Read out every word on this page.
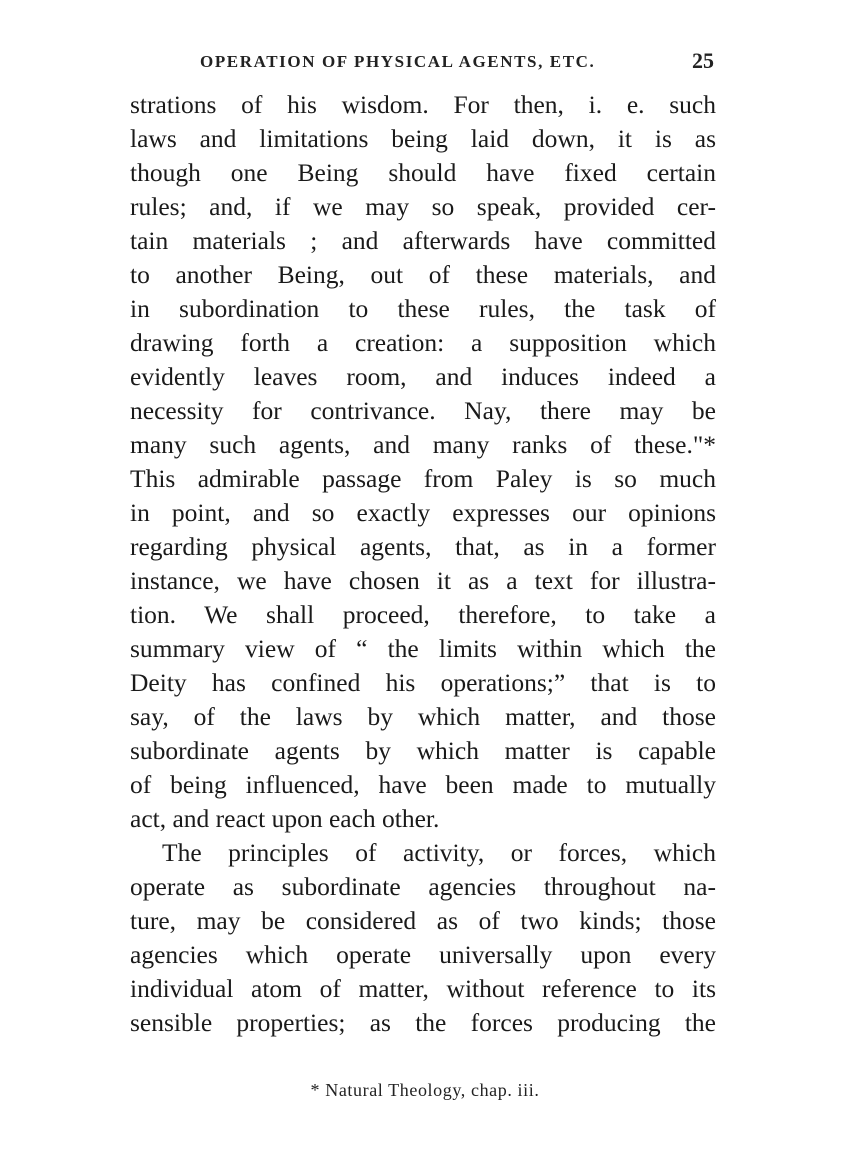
OPERATION OF PHYSICAL AGENTS, ETC.	25
strations of his wisdom. For then, i. e. such
laws and limitations being laid down, it is as
though one Being should have fixed certain
rules; and, if we may so speak, provided cer-
tain materials ; and afterwards have committed
to another Being, out of these materials, and
in subordination to these rules, the task of
drawing forth a creation: a supposition which
evidently leaves room, and induces indeed a
necessity for contrivance. Nay, there may be
many such agents, and many ranks of these."*
This admirable passage from Paley is so much
in point, and so exactly expresses our opinions
regarding physical agents, that, as in a former
instance, we have chosen it as a text for illustra-
tion. We shall proceed, therefore, to take a
summary view of “ the limits within which the
Deity has confined his operations;” that is to
say, of the laws by which matter, and those
subordinate agents by which matter is capable
of being influenced, have been made to mutually
act, and react upon each other.
The principles of activity, or forces, which
operate as subordinate agencies throughout na-
ture, may be considered as of two kinds; those
agencies which operate universally upon every
individual atom of matter, without reference to its
sensible properties; as the forces producing the
* Natural Theology, chap. iii.
